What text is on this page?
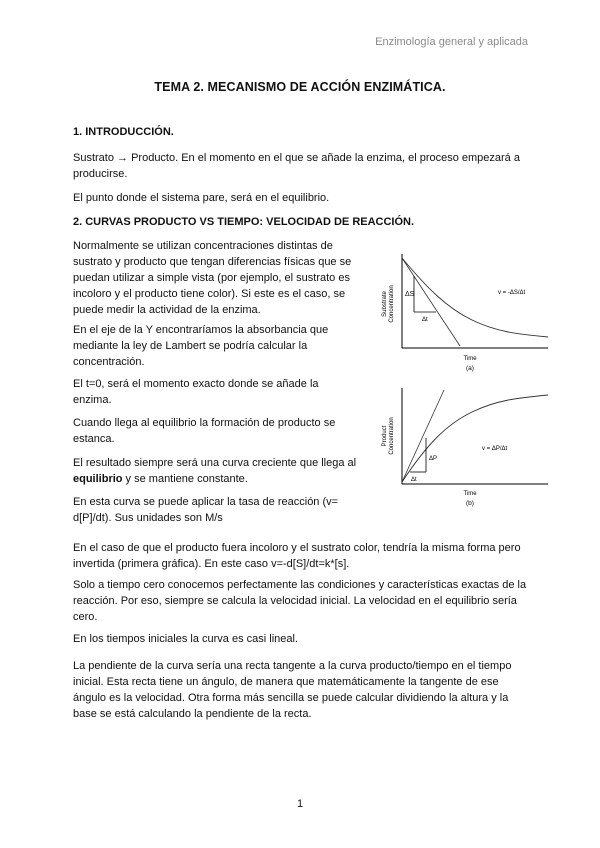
Enzimología general y aplicada
TEMA 2. MECANISMO DE ACCIÓN ENZIMÁTICA.
1. INTRODUCCIÓN.

Sustrato → Producto. En el momento en el que se añade la enzima, el proceso empezará a producirse.

El punto donde el sistema pare, será en el equilibrio.

2. CURVAS PRODUCTO VS TIEMPO: VELOCIDAD DE REACCIÓN.

Normalmente se utilizan concentraciones distintas de sustrato y producto que tengan diferencias físicas que se puedan utilizar a simple vista (por ejemplo, el sustrato es incoloro y el producto tiene color). Si este es el caso, se puede medir la actividad de la enzima.

En el eje de la Y encontraríamos la absorbancia que mediante la ley de Lambert se podría calcular la concentración.

El t=0, será el momento exacto donde se añade la enzima.

Cuando llega al equilibrio la formación de producto se estanca.

El resultado siempre será una curva creciente que llega al equilibrio y se mantiene constante.

En esta curva se puede aplicar la tasa de reacción (v= d[P]/dt). Sus unidades son M/s

En el caso de que el producto fuera incoloro y el sustrato color, tendría la misma forma pero invertida (primera gráfica). En este caso v=-d[S]/dt=k*[s].

Solo a tiempo cero conocemos perfectamente las condiciones y características exactas de la reacción. Por eso, siempre se calcula la velocidad inicial. La velocidad en el equilibrio sería cero.

En los tiempos iniciales la curva es casi lineal.

La pendiente de la curva sería una recta tangente a la curva producto/tiempo en el tiempo inicial. Esta recta tiene un ángulo, de manera que matemáticamente la tangente de ese ángulo es la velocidad. Otra forma más sencilla se puede calcular dividiendo la altura y la base se está calculando la pendiente de la recta.

ΔS
Δt
v = -ΔS/Δt
Substrate Concentration
Time
(a)
ΔP
Δt
v = ΔP/Δt
Product Concentration
Time
(b)
1
